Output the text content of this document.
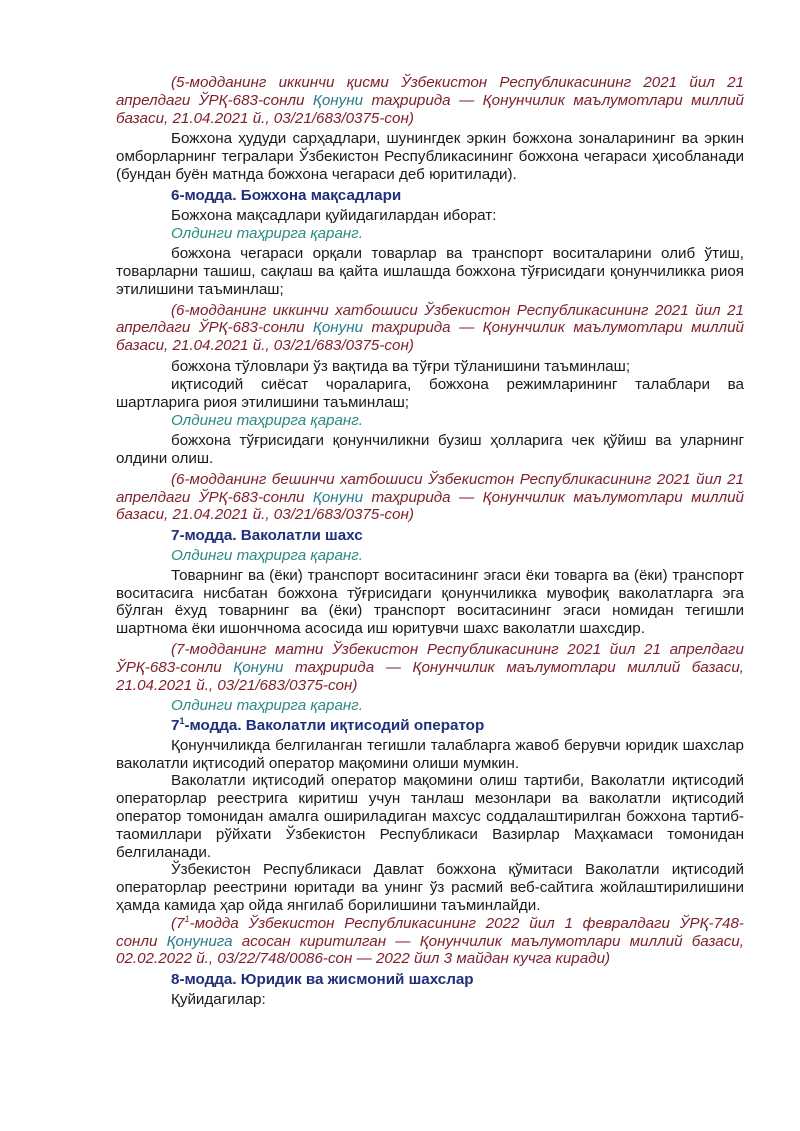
(5-модданинг иккинчи қисми Ўзбекистон Республикасининг 2021 йил 21 апрелдаги ЎРҚ-683-сонли Қонуни таҳририда — Қонунчилик маълумотлари миллий базаси, 21.04.2021 й., 03/21/683/0375-сон)

Божхона ҳудуди сарҳадлари, шунингдек эркин божхона зоналарининг ва эркин омборларнинг тегралари Ўзбекистон Республикасининг божхона чегараси ҳисобланади (бундан буён матнда божхона чегараси деб юритилади).

6-модда. Божхона мақсадлари

Божхона мақсадлари қуйидагилардан иборат:

Олдинги таҳрирга қаранг.

божхона чегараси орқали товарлар ва транспорт воситаларини олиб ўтиш, товарларни ташиш, сақлаш ва қайта ишлашда божхона тўғрисидаги қонунчиликка риоя этилишини таъминлаш;

(6-модданинг иккинчи хатбошиси Ўзбекистон Республикасининг 2021 йил 21 апрелдаги ЎРҚ-683-сонли Қонуни таҳририда — Қонунчилик маълумотлари миллий базаси, 21.04.2021 й., 03/21/683/0375-сон)

божхона тўловлари ўз вақтида ва тўғри тўланишини таъминлаш;

иқтисодий сиёсат чораларига, божхона режимларининг талаблари ва шартларига риоя этилишини таъминлаш;

Олдинги таҳрирга қаранг.

божхона тўғрисидаги қонунчиликни бузиш ҳолларига чек қўйиш ва уларнинг олдини олиш.

(6-модданинг бешинчи хатбошиси Ўзбекистон Республикасининг 2021 йил 21 апрелдаги ЎРҚ-683-сонли Қонуни таҳририда — Қонунчилик маълумотлари миллий базаси, 21.04.2021 й., 03/21/683/0375-сон)

7-модда. Ваколатли шахс

Олдинги таҳрирга қаранг.

Товарнинг ва (ёки) транспорт воситасининг эгаси ёки товарга ва (ёки) транспорт воситасига нисбатан божхона тўғрисидаги қонунчиликка мувофиқ ваколатларга эга бўлган ёхуд товарнинг ва (ёки) транспорт воситасининг эгаси номидан тегишли шартнома ёки ишончнома асосида иш юритувчи шахс ваколатли шахсдир.

(7-модданинг матни Ўзбекистон Республикасининг 2021 йил 21 апрелдаги ЎРҚ-683-сонли Қонуни таҳририда — Қонунчилик маълумотлари миллий базаси, 21.04.2021 й., 03/21/683/0375-сон)

Олдинги таҳрирга қаранг.

$7^1$-модда. Ваколатли иқтисодий оператор

Қонунчиликда белгиланган тегишли талабларга жавоб берувчи юридик шахслар ваколатли иқтисодий оператор мақомини олиши мумкин.

Ваколатли иқтисодий оператор мақомини олиш тартиби, Ваколатли иқтисодий операторлар реестрига киритиш учун танлаш мезонлари ва ваколатли иқтисодий оператор томонидан амалга ошириладиган махсус соддалаштирилган божхона тартиб-таомиллари рўйхати Ўзбекистон Республикаси Вазирлар Маҳкамаси томонидан белгиланади.

Ўзбекистон Республикаси Давлат божхона қўмитаси Ваколатли иқтисодий операторлар реестрини юритади ва унинг ўз расмий веб-сайтига жойлаштирилишини ҳамда камида ҳар ойда янгилаб борилишини таъминлайди.

($7^1$-модда Ўзбекистон Республикасининг 2022 йил 1 февралдаги ЎРҚ-748-сонли Қонунига асосан киритилган — Қонунчилик маълумотлари миллий базаси, 02.02.2022 й., 03/22/748/0086-сон — 2022 йил 3 майдан кучга киради)

8-модда. Юридик ва жисмоний шахслар

Қуйидагилар:
